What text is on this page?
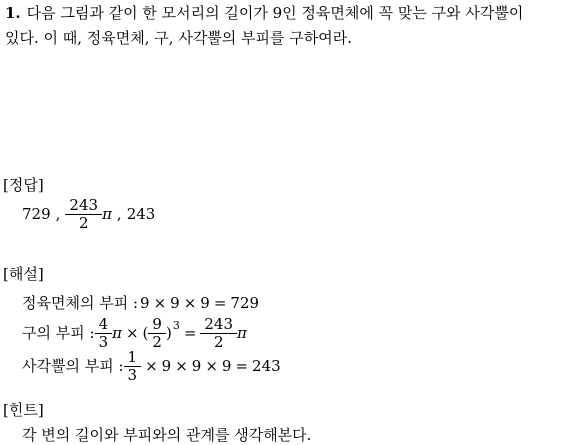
1. 다음 그림과 같이 한 모서리의 길이가 9인 정육면체에 꼭 맞는 구와 사각뿔이
있다. 이 때, 정육면체, 구, 사각뿔의 부피를 구하여라.
[정답]
729 , $\frac{243}{2}$ π , 243
[해설]
정육면체의 부피 : 9 × 9 × 9 = 729
구의 부피 : $\frac{4}{3}$ π × ( $\frac{9}{2}$ ) $3 = \frac{243}{2}$ π
사각뿔의 부피 : $\frac{1}{3} \times 9 \times 9 \times 9 = 243$
[힌트]
각 변의 길이와 부피와의 관계를 생각해본다.
